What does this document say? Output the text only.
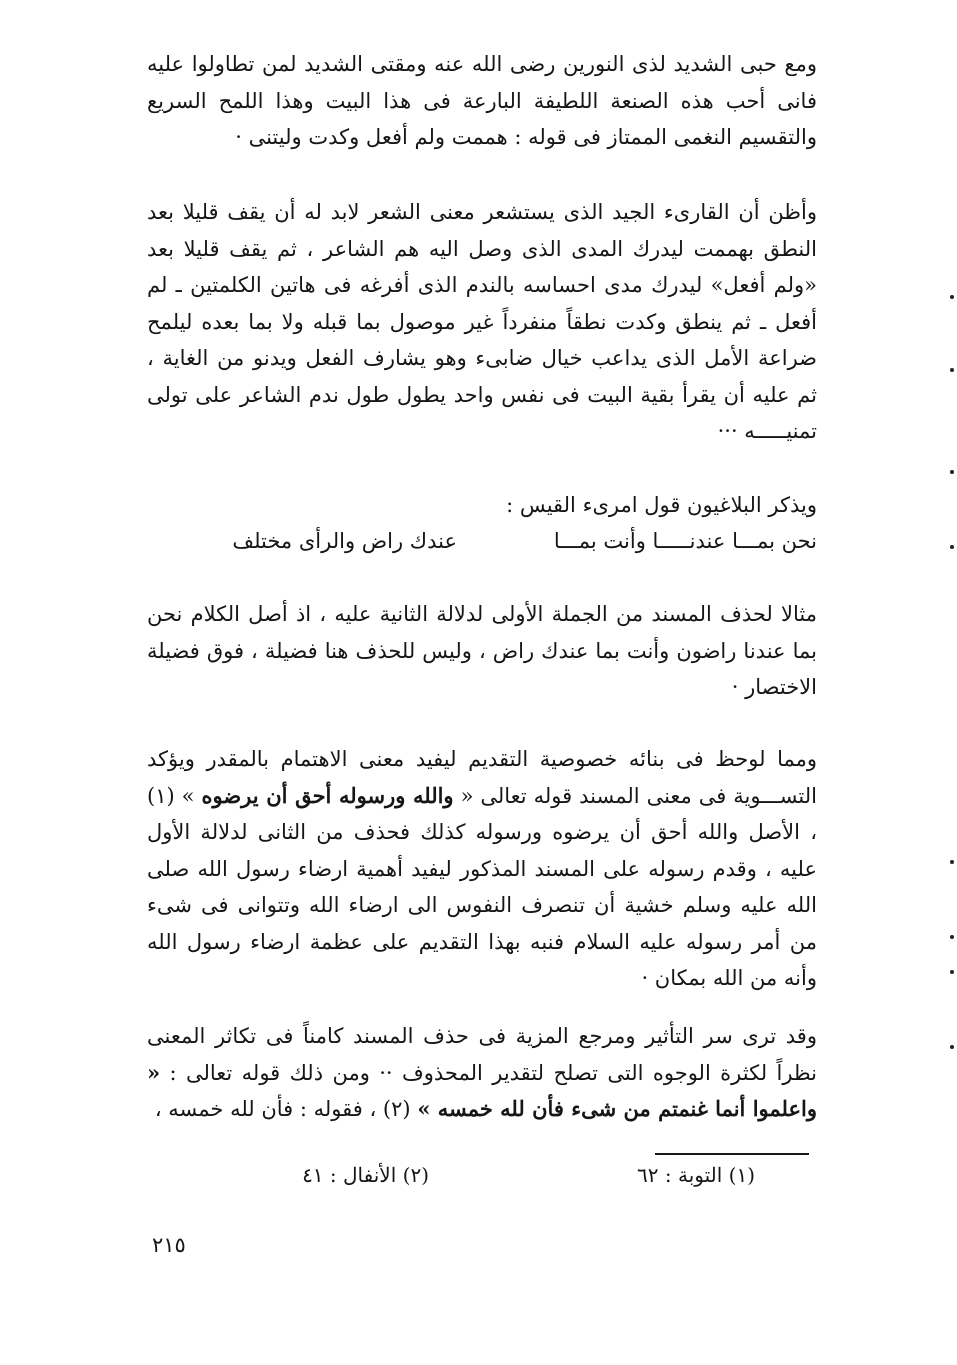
ومع حبى الشديد لذى النورين رضى الله عنه ومقتى الشديد لمن تطاولوا عليه فانى أحب هذه الصنعة اللطيفة البارعة فى هذا البيت وهذا اللمح السريع والتقسيم النغمى الممتاز فى قوله : هممت ولم أفعل وكدت وليتنى ·

وأظن أن القارىء الجيد الذى يستشعر معنى الشعر لابد له أن يقف قليلا بعد النطق بهممت ليدرك المدى الذى وصل اليه هم الشاعر ، ثم يقف قليلا بعد «ولم أفعل» ليدرك مدى احساسه بالندم الذى أفرغه فى هاتين الكلمتين ـ لم أفعل ـ ثم ينطق وكدت نطقاً منفرداً غير موصول بما قبله ولا بما بعده ليلمح ضراعة الأمل الذى يداعب خيال ضابىء وهو يشارف الفعل ويدنو من الغاية ، ثم عليه أن يقرأ بقية البيت فى نفس واحد يطول طول ندم الشاعر على تولى تمنيـــــه ···

ويذكر البلاغيون قول امرىء القيس :

نحن بمـــا عندنـــــا وأنت بمـــا
عندك راض والرأى مختلف

مثالا لحذف المسند من الجملة الأولى لدلالة الثانية عليه ، اذ أصل الكلام نحن بما عندنا راضون وأنت بما عندك راض ، وليس للحذف هنا فضيلة ، فوق فضيلة الاختصار ·

ومما لوحظ فى بنائه خصوصية التقديم ليفيد معنى الاهتمام بالمقدر ويؤكد التســـوية فى معنى المسند قوله تعالى « والله ورسوله أحق أن يرضوه » (١) ، الأصل والله أحق أن يرضوه ورسوله كذلك فحذف من الثانى لدلالة الأول عليه ، وقدم رسوله على المسند المذكور ليفيد أهمية ارضاء رسول الله صلى الله عليه وسلم خشية أن تنصرف النفوس الى ارضاء الله وتتوانى فى شىء من أمر رسوله عليه السلام فنبه بهذا التقديم على عظمة ارضاء رسول الله وأنه من الله بمكان ·

وقد ترى سر التأثير ومرجع المزية فى حذف المسند كامناً فى تكاثر المعنى نظراً لكثرة الوجوه التى تصلح لتقدير المحذوف ·· ومن ذلك قوله تعالى : « واعلموا أنما غنمتم من شىء فأن لله خمسه » (٢) ، فقوله : فأن لله خمسه ،

(١) التوبة : ٦٢
(٢) الأنفال : ٤١
٢١٥
